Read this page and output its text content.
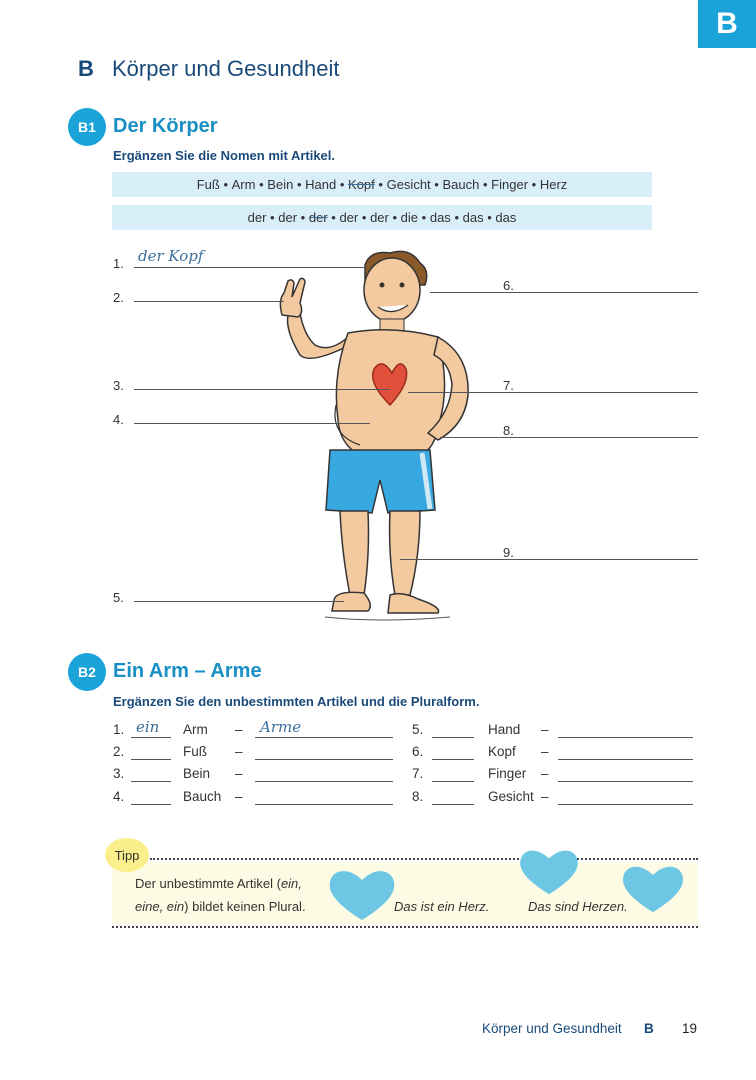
B
B Körper und Gesundheit
B1 Der Körper
Ergänzen Sie die Nomen mit Artikel.
Fuß
•
Arm
•
Bein
•
Hand
•
Kopf
•
Gesicht
•
Bauch
•
Finger
•
Herz
der
•
der
•
der
•
der
•
der
•
die
•
das
•
das
•
das
1. der Kopf
2.
3.
4.
5.
6.
7.
8.
9.
B2 Ein Arm – Arme
Ergänzen Sie den unbestimmten Artikel und die Pluralform.
1. ein Arm – Arme
2.	Fuß –
3.	Bein –
4.	Bauch –
5.	Hand –
6.	Kopf –
7.	Finger –
8.	Gesicht –
Tipp
Der unbestimmte Artikel (ein,
eine, ein) bildet keinen Plural.	Das ist ein Herz.	Das sind Herzen.
Körper und Gesundheit B 19
